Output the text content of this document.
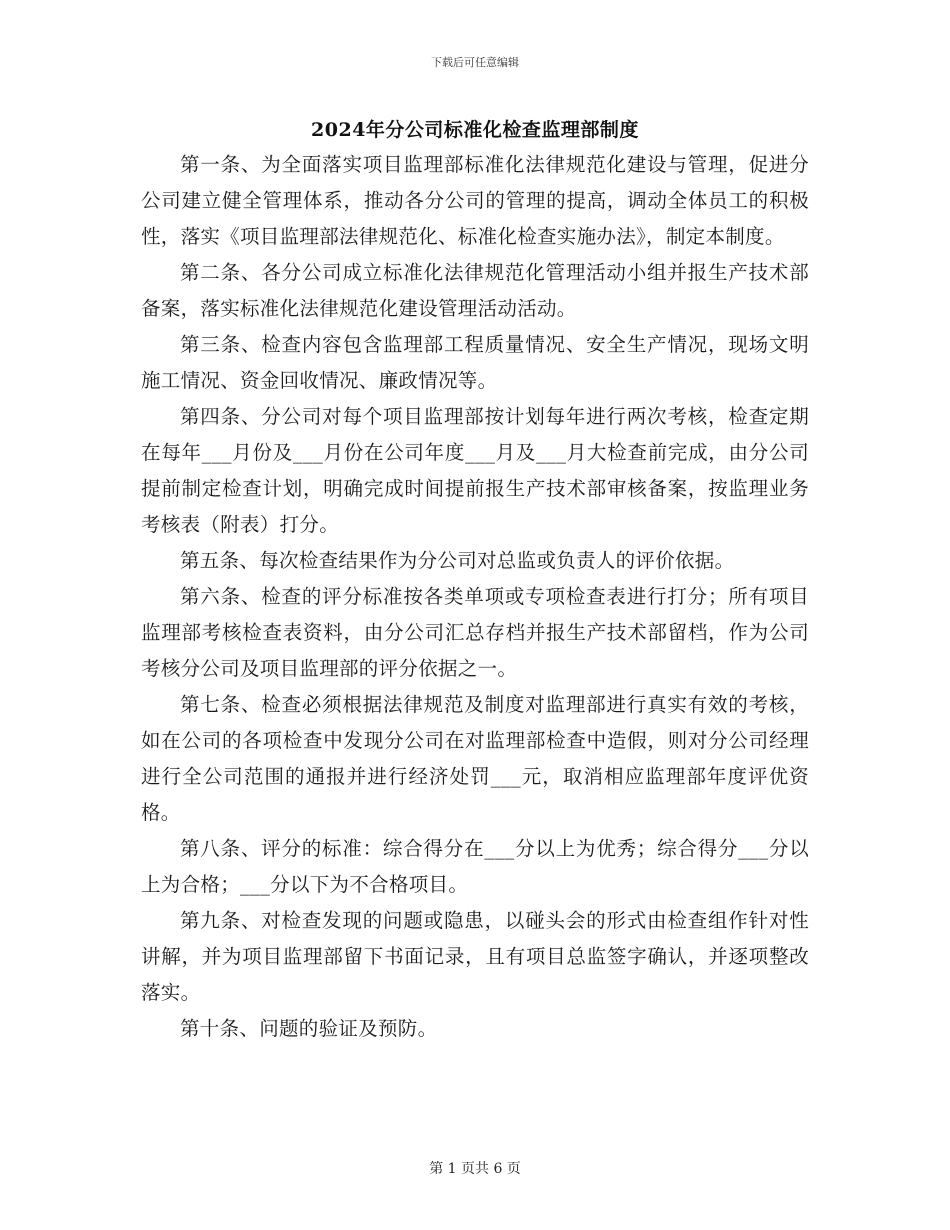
下载后可任意编辑
2024年分公司标准化检查监理部制度

第一条、为全面落实项目监理部标准化法律规范化建设与管理，促进分公司建立健全管理体系，推动各分公司的管理的提高，调动全体员工的积极性，落实《项目监理部法律规范化、标准化检查实施办法》，制定本制度。

第二条、各分公司成立标准化法律规范化管理活动小组并报生产技术部备案，落实标准化法律规范化建设管理活动活动。

第三条、检查内容包含监理部工程质量情况、安全生产情况，现场文明施工情况、资金回收情况、廉政情况等。

第四条、分公司对每个项目监理部按计划每年进行两次考核，检查定期在每年___月份及___月份在公司年度___月及___月大检查前完成，由分公司提前制定检查计划，明确完成时间提前报生产技术部审核备案，按监理业务考核表（附表）打分。

第五条、每次检查结果作为分公司对总监或负责人的评价依据。

第六条、检查的评分标准按各类单项或专项检查表进行打分；所有项目监理部考核检查表资料，由分公司汇总存档并报生产技术部留档，作为公司考核分公司及项目监理部的评分依据之一。

第七条、检查必须根据法律规范及制度对监理部进行真实有效的考核，如在公司的各项检查中发现分公司在对监理部检查中造假，则对分公司经理进行全公司范围的通报并进行经济处罚___元，取消相应监理部年度评优资格。

第八条、评分的标准：综合得分在___分以上为优秀；综合得分___分以上为合格；___分以下为不合格项目。

第九条、对检查发现的问题或隐患，以碰头会的形式由检查组作针对性讲解，并为项目监理部留下书面记录，且有项目总监签字确认，并逐项整改落实。

第十条、问题的验证及预防。

第 1 页共 6 页
